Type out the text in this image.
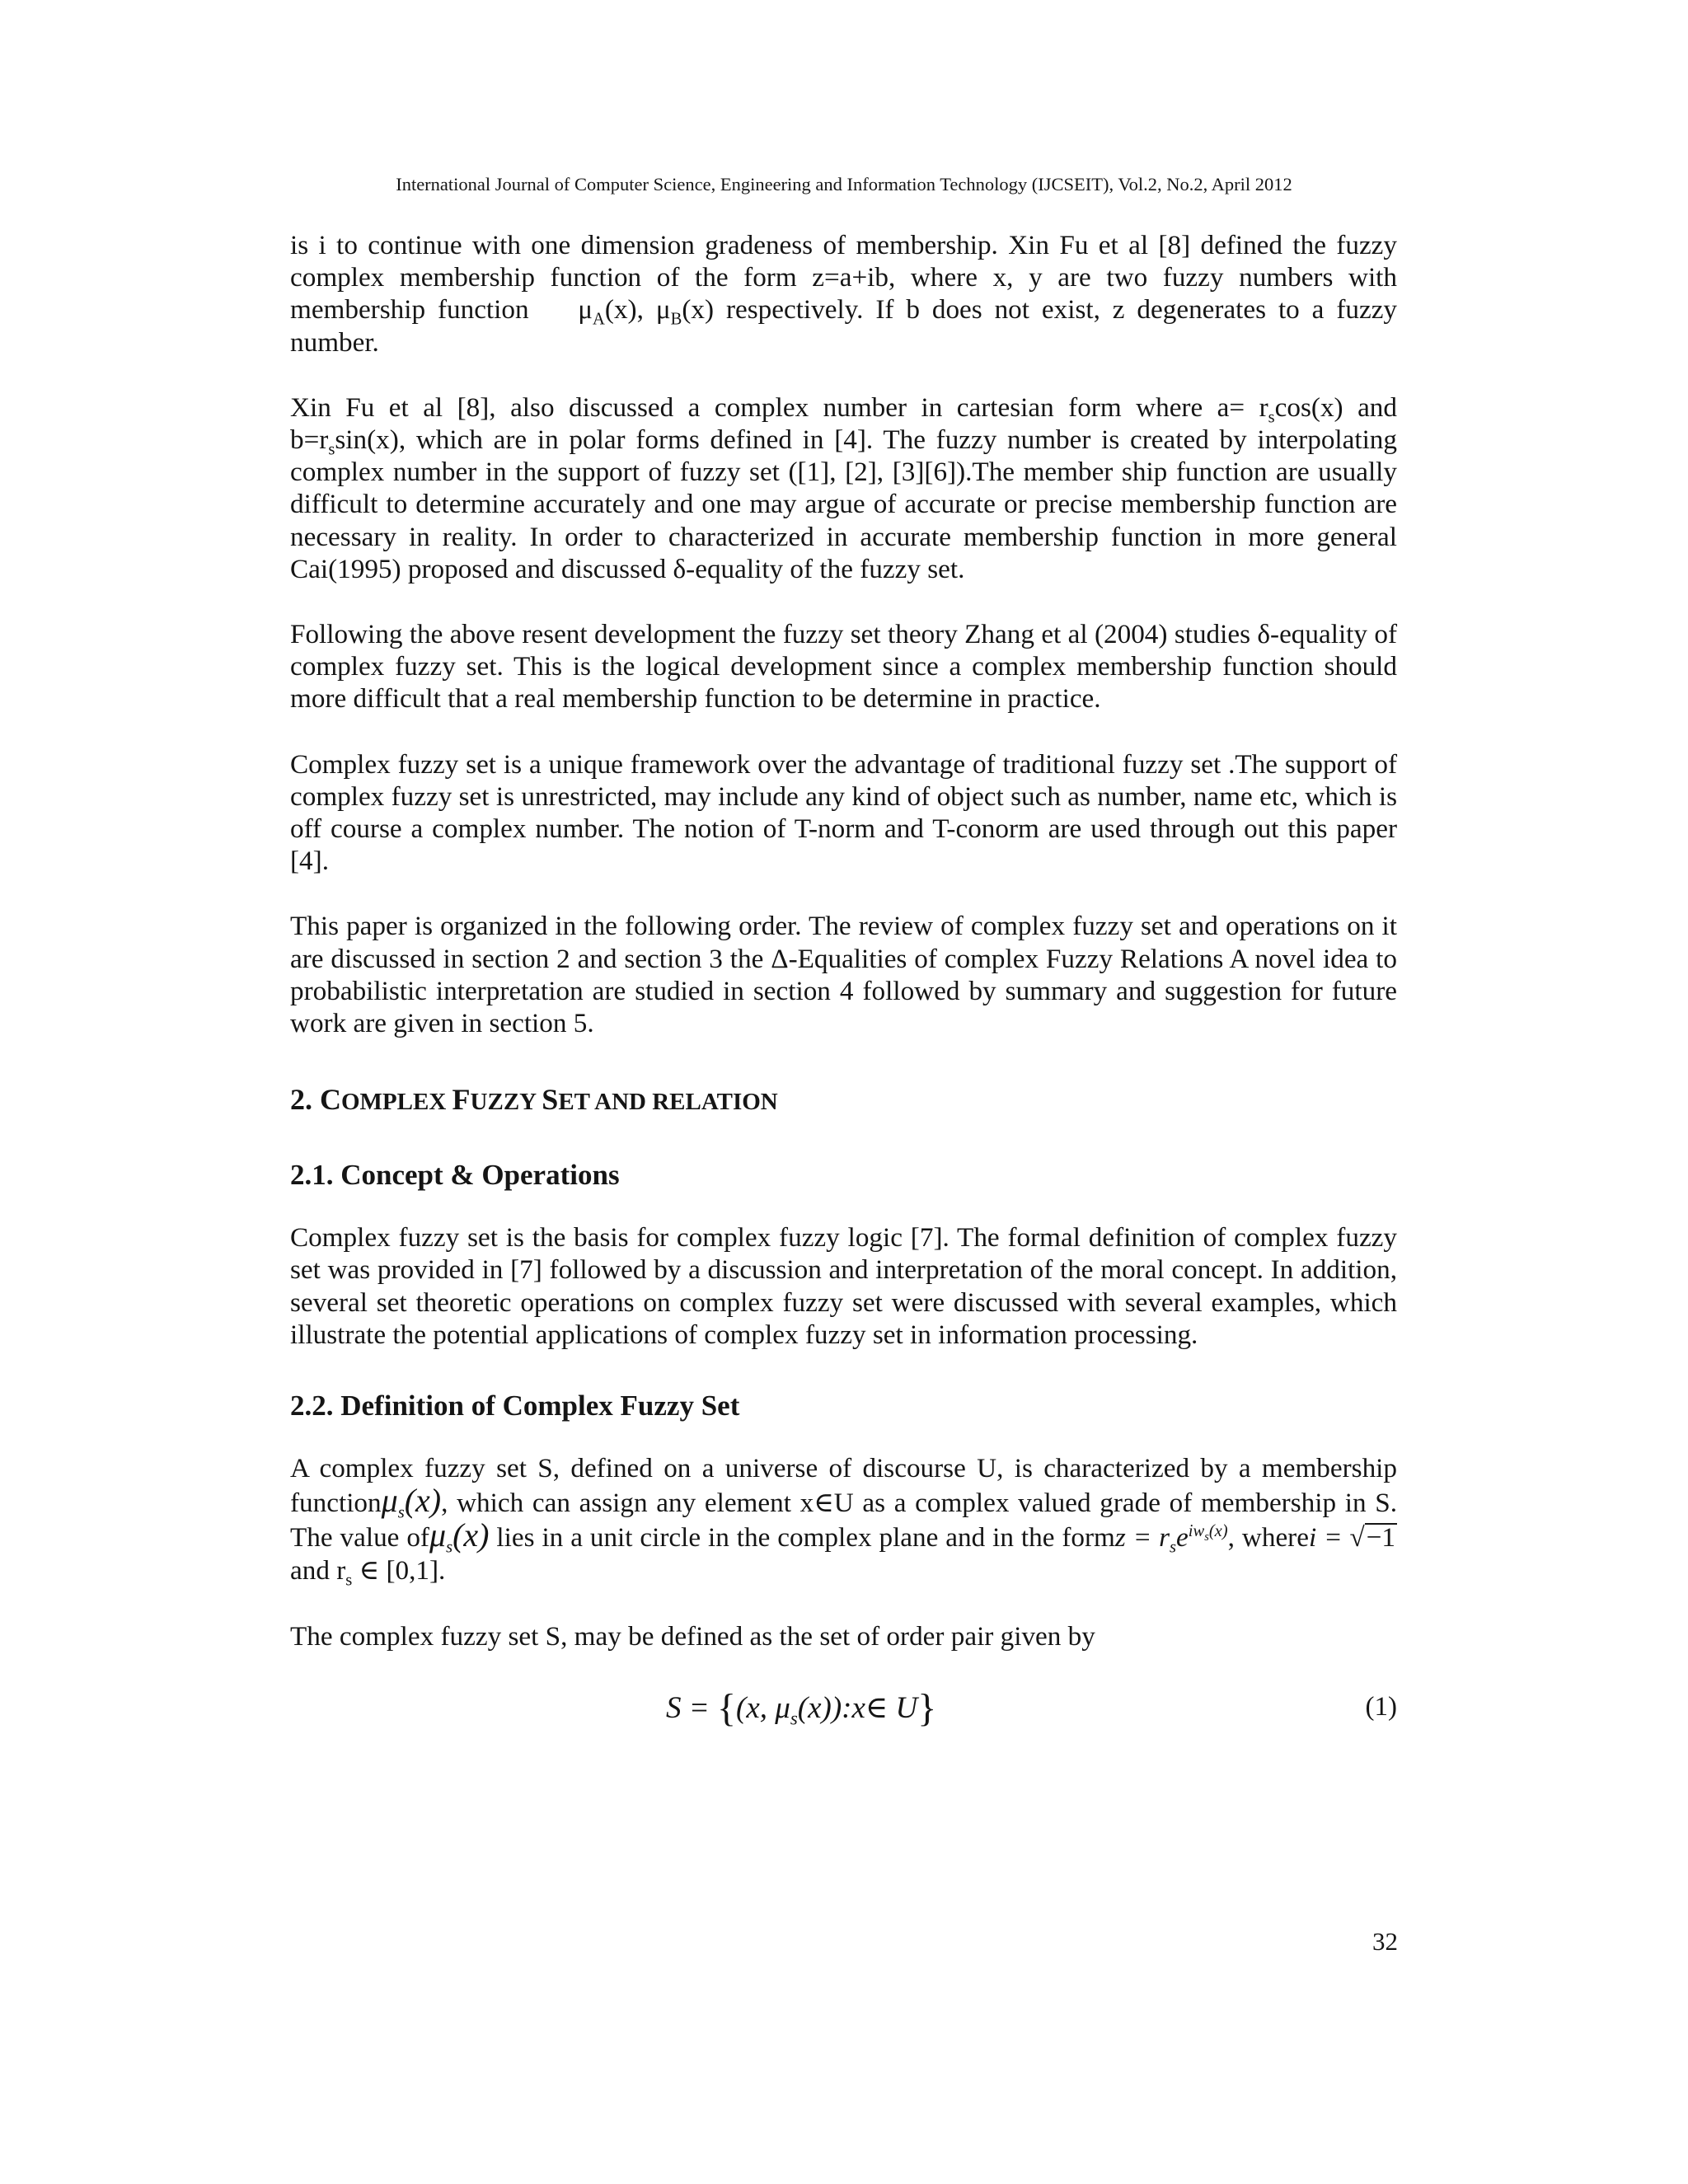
International Journal of Computer Science, Engineering and Information Technology (IJCSEIT), Vol.2, No.2, April 2012

is i to continue with one dimension gradeness of membership. Xin Fu et al [8] defined the fuzzy complex membership function of the form z=a+ib, where x, y are two fuzzy numbers with membership function $\mu_A(x)$, $\mu_B(x)$ respectively. If b does not exist, z degenerates to a fuzzy number.

Xin Fu et al [8], also discussed a complex number in cartesian form where $a= r_s\cos(x)$ and $b=r_s\sin(x)$, which are in polar forms defined in [4]. The fuzzy number is created by interpolating complex number in the support of fuzzy set ([1], [2], [3][6]).The member ship function are usually difficult to determine accurately and one may argue of accurate or precise membership function are necessary in reality. In order to characterized in accurate membership function in more general Cai(1995) proposed and discussed δ-equality of the fuzzy set.

Following the above resent development the fuzzy set theory Zhang et al (2004) studies δ-equality of complex fuzzy set. This is the logical development since a complex membership function should more difficult that a real membership function to be determine in practice.

Complex fuzzy set is a unique framework over the advantage of traditional fuzzy set .The support of complex fuzzy set is unrestricted, may include any kind of object such as number, name etc, which is off course a complex number. The notion of T-norm and T-conorm are used through out this paper [4].

This paper is organized in the following order. The review of complex fuzzy set and operations on it are discussed in section 2 and section 3 the Δ-Equalities of complex Fuzzy Relations A novel idea to probabilistic interpretation are studied in section 4 followed by summary and suggestion for future work are given in section 5.

2. COMPLEX FUZZY SET AND RELATION
2.1. Concept & Operations

Complex fuzzy set is the basis for complex fuzzy logic [7]. The formal definition of complex fuzzy set was provided in [7] followed by a discussion and interpretation of the moral concept. In addition, several set theoretic operations on complex fuzzy set were discussed with several examples, which illustrate the potential applications of complex fuzzy set in information processing.

2.2. Definition of Complex Fuzzy Set

A complex fuzzy set S, defined on a universe of discourse U, is characterized by a membership functionμ$_s$(x), which can assign any element x∈U as a complex valued grade of membership in S. The value ofμ$_s$(x) lies in a unit circle in the complex plane and in the formz = $r_se^{iw_s(x)}$, wherei = √−1 and $r_s$ ∈ [0,1].

The complex fuzzy set S, may be defined as the set of order pair given by

S = {(x, $\mu_s(x)):x\in$ U}	(1)
32
